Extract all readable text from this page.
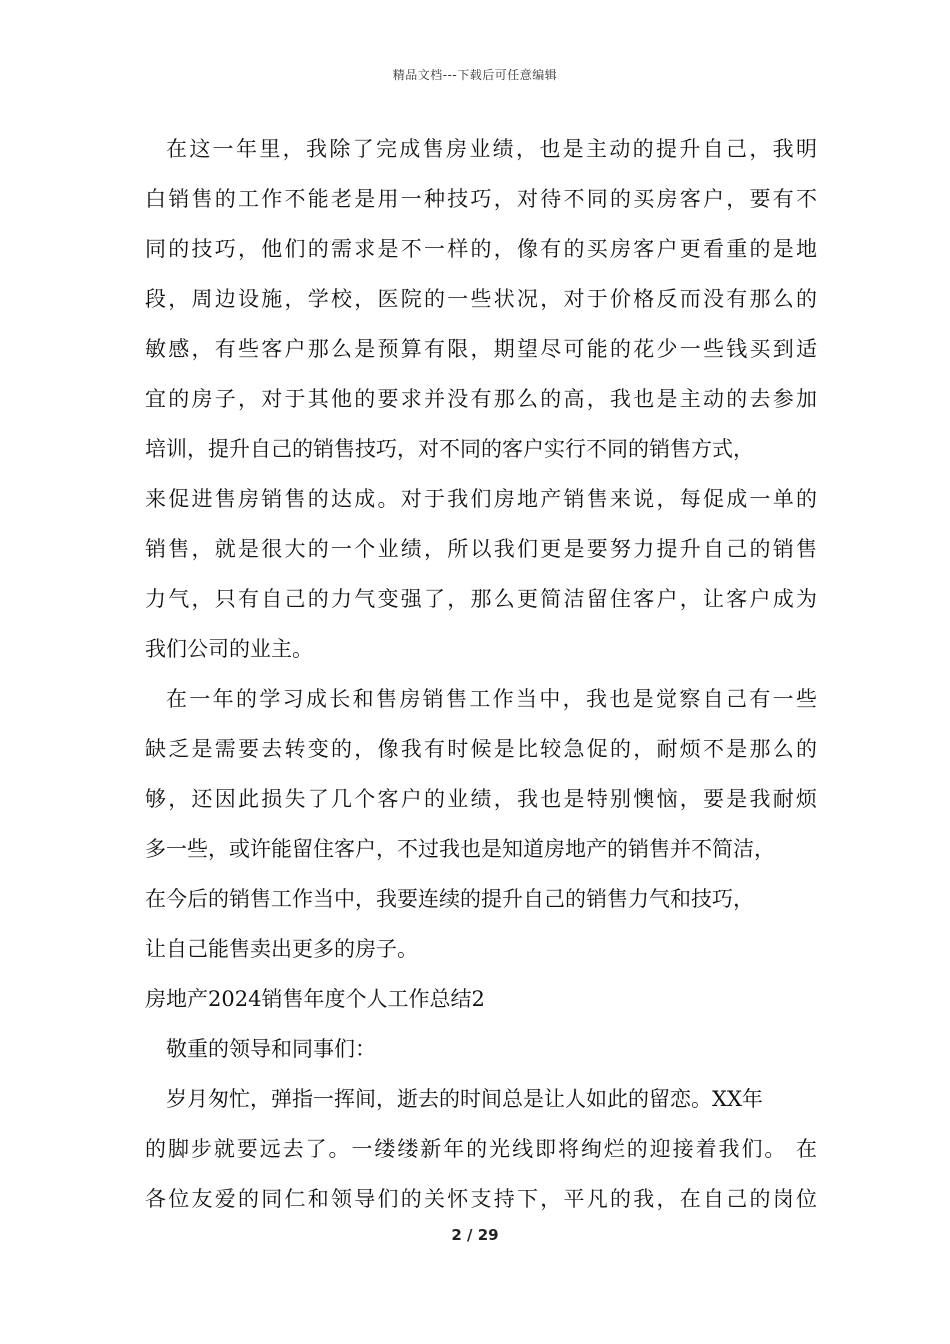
精品文档---下载后可任意编辑
在这一年里，我除了完成售房业绩，也是主动的提升自己，我明
白销售的工作不能老是用一种技巧，对待不同的买房客户，要有不
同的技巧，他们的需求是不一样的，像有的买房客户更看重的是地
段，周边设施，学校，医院的一些状况，对于价格反而没有那么的
敏感，有些客户那么是预算有限，期望尽可能的花少一些钱买到适
宜的房子，对于其他的要求并没有那么的高，我也是主动的去参加
培训，提升自己的销售技巧，对不同的客户实行不同的销售方式，
来促进售房销售的达成。对于我们房地产销售来说，每促成一单的
销售，就是很大的一个业绩，所以我们更是要努力提升自己的销售
力气，只有自己的力气变强了，那么更简洁留住客户，让客户成为
我们公司的业主。
在一年的学习成长和售房销售工作当中，我也是觉察自己有一些
缺乏是需要去转变的，像我有时候是比较急促的，耐烦不是那么的
够，还因此损失了几个客户的业绩，我也是特别懊恼，要是我耐烦
多一些，或许能留住客户，不过我也是知道房地产的销售并不简洁，
在今后的销售工作当中，我要连续的提升自己的销售力气和技巧，
让自己能售卖出更多的房子。
房地产2024销售年度个人工作总结2
敬重的领导和同事们：
岁月匆忙，弹指一挥间，逝去的时间总是让人如此的留恋。XX年
的脚步就要远去了。一缕缕新年的光线即将绚烂的迎接着我们。 在
各位友爱的同仁和领导们的关怀支持下，平凡的我，在自己的岗位
2 / 29
